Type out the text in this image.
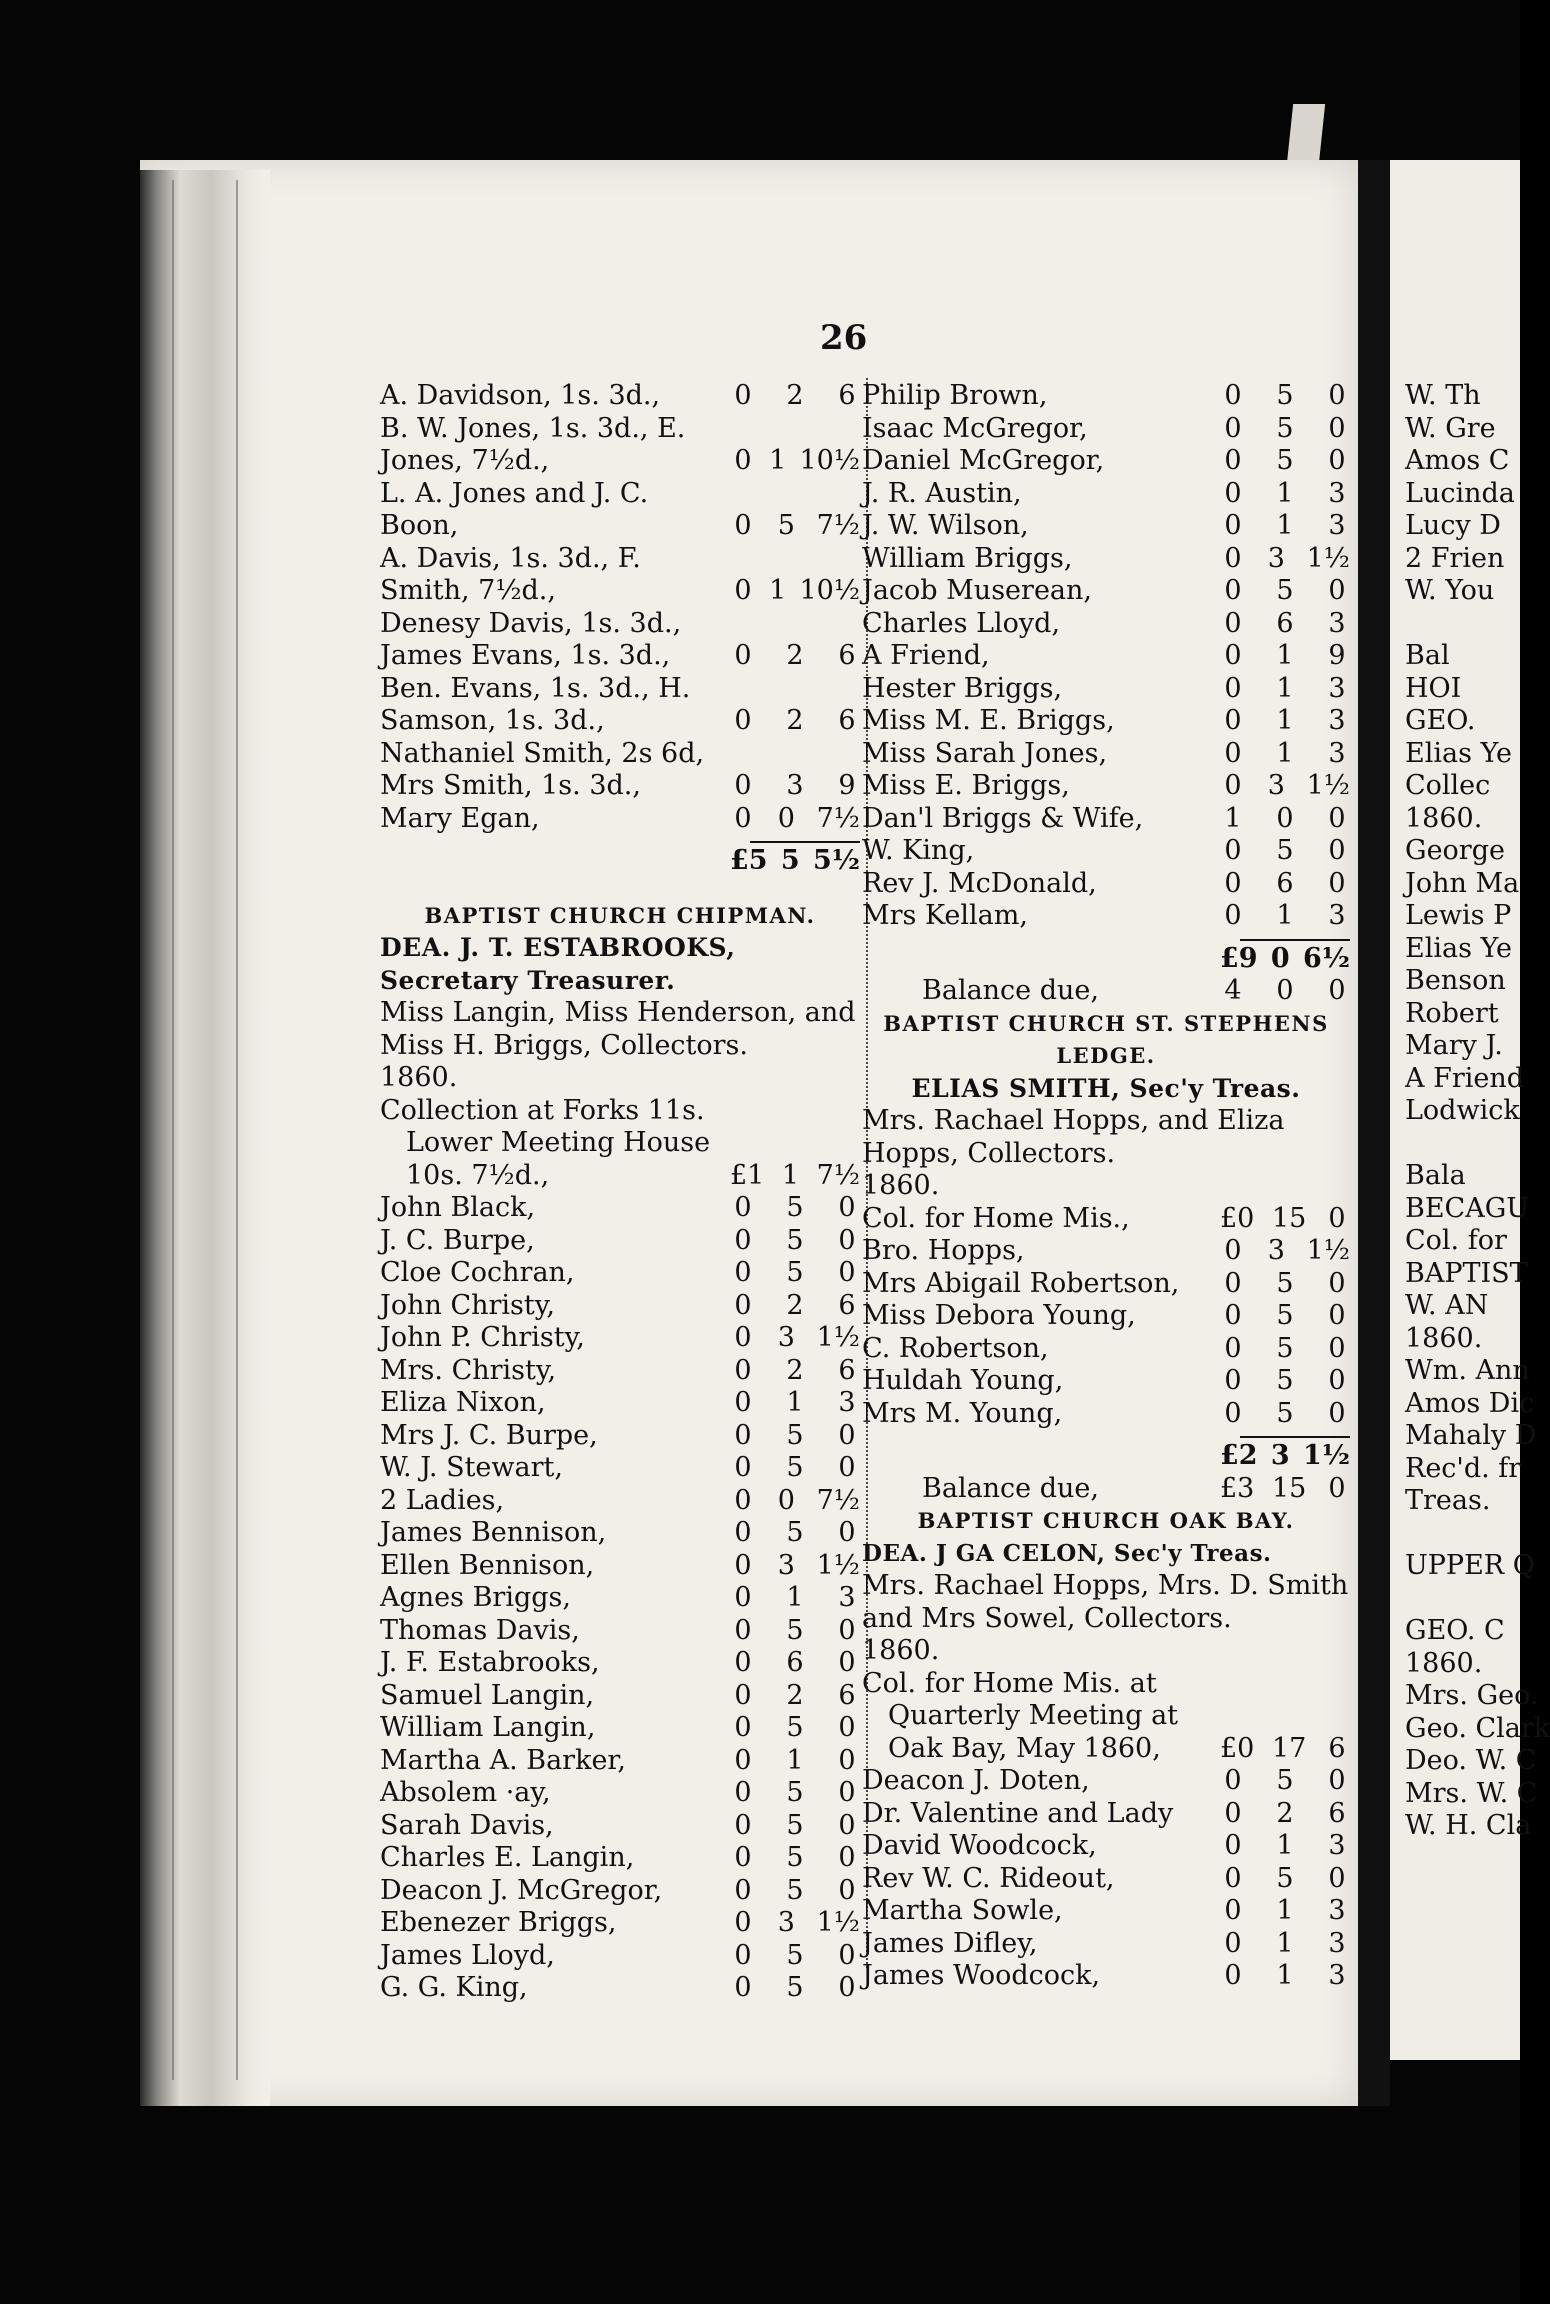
26
A. Davidson, 1s. 3d.,	0 2 6
B. W. Jones, 1s. 3d., E. Jones, 7½d.,	0 1 10½
L. A. Jones and J. C. Boon,	0 5 7½
A. Davis, 1s. 3d., F. Smith, 7½d.,	0 1 10½
Denesy Davis, 1s. 3d., James Evans, 1s. 3d.,	0 2 6
Ben. Evans, 1s. 3d., H. Samson, 1s. 3d.,	0 2 6
Nathaniel Smith, 2s 6d, Mrs Smith, 1s. 3d.,	0 3 9
Mary Egan,	0 0 7½
£5 5 5½
BAPTIST CHURCH CHIPMAN.
DEA. J. T. ESTABROOKS, Secretary Treasurer.
Miss Langin, Miss Henderson, and Miss H. Briggs, Collectors.
1860.
Collection at Forks 11s.
Lower Meeting House
10s. 7½d.,	£1 1 7½
John Black,	0 5 0
J. C. Burpe,	0 5 0
Cloe Cochran,	0 5 0
John Christy,	0 2 6
John P. Christy,	0 3 1½
Mrs. Christy,	0 2 6
Eliza Nixon,	0 1 3
Mrs J. C. Burpe,	0 5 0
W. J. Stewart,	0 5 0
2 Ladies,	0 0 7½
James Bennison,	0 5 0
Ellen Bennison,	0 3 1½
Agnes Briggs,	0 1 3
Thomas Davis,	0 5 0
J. F. Estabrooks,	0 6 0
Samuel Langin,	0 2 6
William Langin,	0 5 0
Martha A. Barker,	0 1 0
Absolem ·ay,	0 5 0
Sarah Davis,	0 5 0
Charles E. Langin,	0 5 0
Deacon J. McGregor,	0 5 0
Ebenezer Briggs,	0 3 1½
James Lloyd,	0 5 0
G. G. King,	0 5 0
Philip Brown,	0 5 0
Isaac McGregor,	0 5 0
Daniel McGregor,	0 5 0
J. R. Austin,	0 1 3
J. W. Wilson,	0 1 3
William Briggs,	0 3 1½
Jacob Muserean,	0 5 0
Charles Lloyd,	0 6 3
A Friend,	0 1 9
Hester Briggs,	0 1 3
Miss M. E. Briggs,	0 1 3
Miss Sarah Jones,	0 1 3
Miss E. Briggs,	0 3 1½
Dan'l Briggs & Wife,	1 0 0
W. King,	0 5 0
Rev J. McDonald,	0 6 0
Mrs Kellam,	0 1 3
£9 0 6½
Balance due,	4 0 0
BAPTIST CHURCH ST. STEPHENS LEDGE.
ELIAS SMITH, Sec'y Treas.
Mrs. Rachael Hopps, and Eliza Hopps, Collectors.
1860.
Col. for Home Mis.,	£0 15 0
Bro. Hopps,	0 3 1½
Mrs Abigail Robertson,	0 5 0
Miss Debora Young,	0 5 0
C. Robertson,	0 5 0
Huldah Young,	0 5 0
Mrs M. Young,	0 5 0
£2 3 1½
Balance due,	£3 15 0
BAPTIST CHURCH OAK BAY.
DEA. J GA CELON, Sec'y Treas.
Mrs. Rachael Hopps, Mrs. D. Smith and Mrs Sowel, Collectors.
1860.
Col. for Home Mis. at
Quarterly Meeting at
Oak Bay, May 1860,	£0 17 6
Deacon J. Doten,	0 5 0
Dr. Valentine and Lady	0 2 6
David Woodcock,	0 1 3
Rev W. C. Rideout,	0 5 0
Martha Sowle,	0 1 3
James Difley,	0 1 3
James Woodcock,	0 1 3
W. Th
W. Gre
Amos C
Lucinda
Lucy D
2 Frien
W. You
Bal
HOI
GEO.
Elias Ye
Collec
1860.
George
John Ma
Lewis P
Elias Ye
Benson
Robert
Mary J.
A Friend
Lodwick
Bala
BECAGU
Col. for
BAPTIST
W. AN
1860.
Wm. Ann
Amos Dic
Mahaly D
Rec'd. fr
Treas.
UPPER Q
GEO. C
1860.
Mrs. Geo.
Geo. Clark
Deo. W. C
Mrs. W. C
W. H. Cla
